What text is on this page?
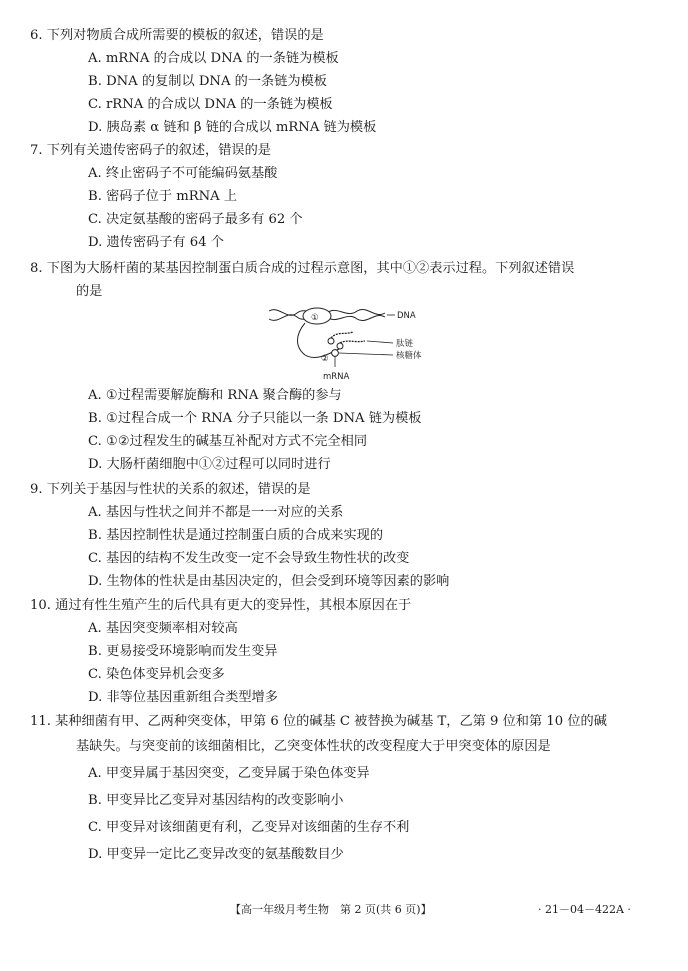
6. 下列对物质合成所需要的模板的叙述，错误的是
A. mRNA 的合成以 DNA 的一条链为模板
B. DNA 的复制以 DNA 的一条链为模板
C. rRNA 的合成以 DNA 的一条链为模板
D. 胰岛素 α 链和 β 链的合成以 mRNA 链为模板
7. 下列有关遗传密码子的叙述，错误的是
A. 终止密码子不可能编码氨基酸
B. 密码子位于 mRNA 上
C. 决定氨基酸的密码子最多有 62 个
D. 遗传密码子有 64 个
8. 下图为大肠杆菌的某基因控制蛋白质合成的过程示意图，其中①②表示过程。下列叙述错误
的是
①
②
DNA
肽链
核糖体
mRNA
A. ①过程需要解旋酶和 RNA 聚合酶的参与
B. ①过程合成一个 RNA 分子只能以一条 DNA 链为模板
C. ①②过程发生的碱基互补配对方式不完全相同
D. 大肠杆菌细胞中①②过程可以同时进行
9. 下列关于基因与性状的关系的叙述，错误的是
A. 基因与性状之间并不都是一一对应的关系
B. 基因控制性状是通过控制蛋白质的合成来实现的
C. 基因的结构不发生改变一定不会导致生物性状的改变
D. 生物体的性状是由基因决定的，但会受到环境等因素的影响
10. 通过有性生殖产生的后代具有更大的变异性，其根本原因在于
A. 基因突变频率相对较高
B. 更易接受环境影响而发生变异
C. 染色体变异机会变多
D. 非等位基因重新组合类型增多
11. 某种细菌有甲、乙两种突变体，甲第 6 位的碱基 C 被替换为碱基 T，乙第 9 位和第 10 位的碱
基缺失。与突变前的该细菌相比，乙突变体性状的改变程度大于甲突变体的原因是
A. 甲变异属于基因突变，乙变异属于染色体变异
B. 甲变异比乙变异对基因结构的改变影响小
C. 甲变异对该细菌更有利，乙变异对该细菌的生存不利
D. 甲变异一定比乙变异改变的氨基酸数目少
【高一年级月考生物　第 2 页(共 6 页)】	· 21－04－422A ·
